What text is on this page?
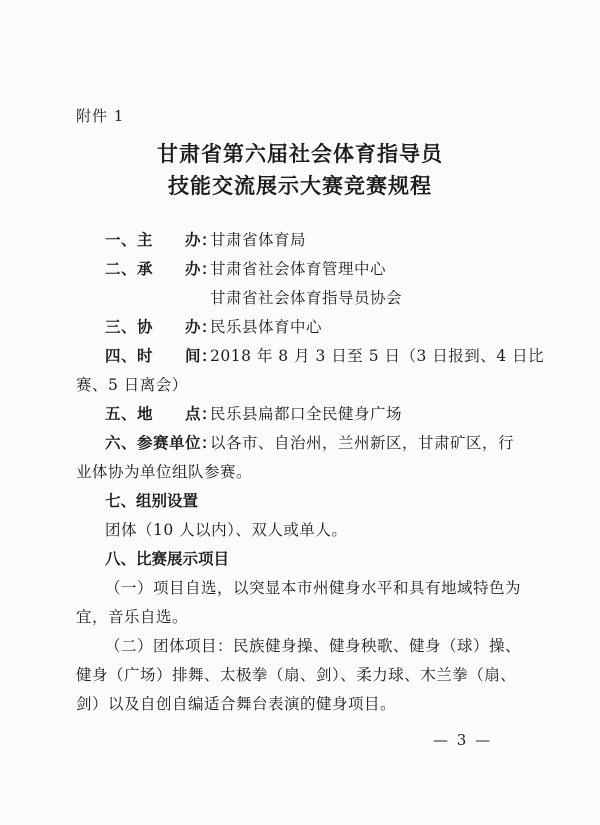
附件 1
甘肃省第六届社会体育指导员
技能交流展示大赛竞赛规程
一、主　　办：甘肃省体育局
二、承　　办：甘肃省社会体育管理中心
甘肃省社会体育指导员协会
三、协　　办：民乐县体育中心
四、时　　间：2018 年 8 月 3 日至 5 日（3 日报到、4 日比
赛、5 日离会）
五、地　　点：民乐县扁都口全民健身广场
六、参赛单位：以各市、自治州，兰州新区，甘肃矿区，行
业体协为单位组队参赛。
七、组别设置
团体（10 人以内）、双人或单人。
八、比赛展示项目
（一）项目自选，以突显本市州健身水平和具有地域特色为
宜，音乐自选。
（二）团体项目：民族健身操、健身秧歌、健身（球）操、
健身（广场）排舞、太极拳（扇、剑）、柔力球、木兰拳（扇、
剑）以及自创自编适合舞台表演的健身项目。
— 3 —
